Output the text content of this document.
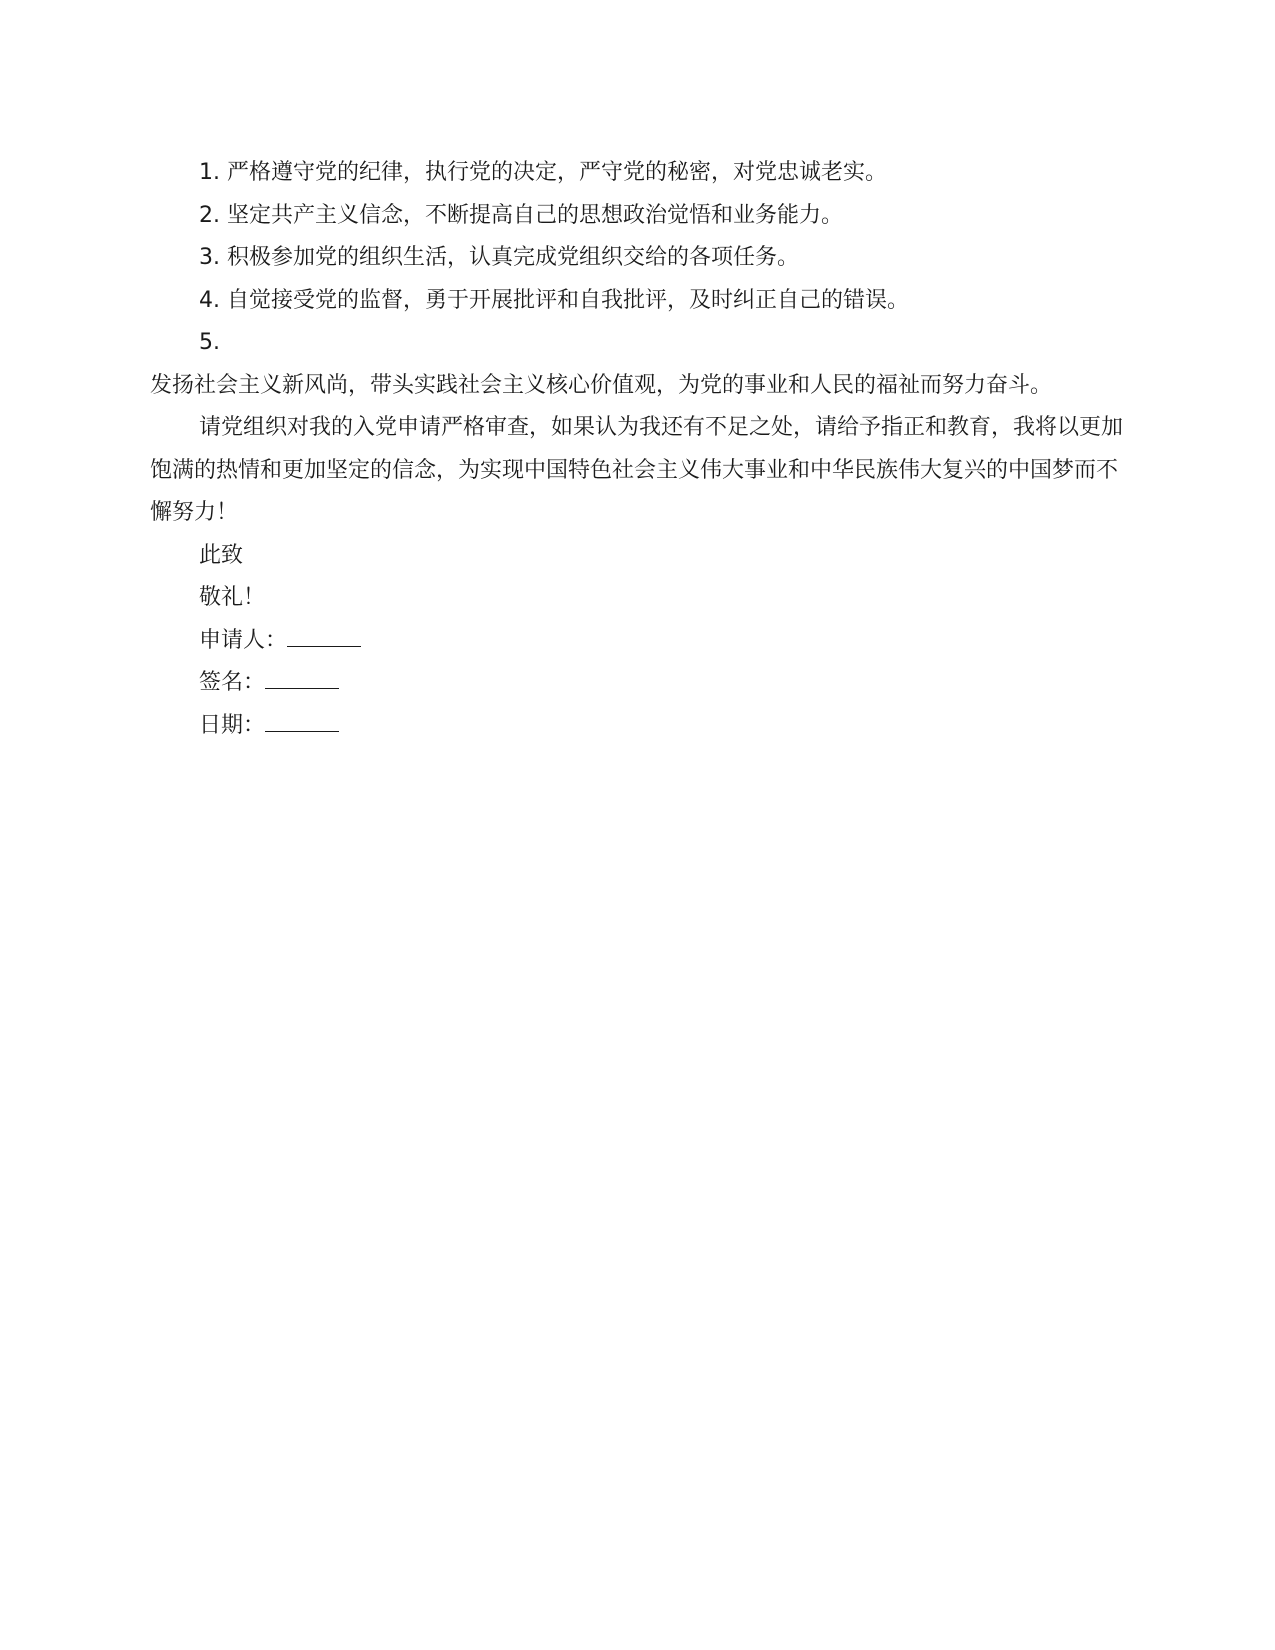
1. 严格遵守党的纪律，执行党的决定，严守党的秘密，对党忠诚老实。
2. 坚定共产主义信念，不断提高自己的思想政治觉悟和业务能力。
3. 积极参加党的组织生活，认真完成党组织交给的各项任务。
4. 自觉接受党的监督，勇于开展批评和自我批评，及时纠正自己的错误。
5.
发扬社会主义新风尚，带头实践社会主义核心价值观，为党的事业和人民的福祉而努力奋斗。
请党组织对我的入党申请严格审查，如果认为我还有不足之处，请给予指正和教育，我将以更加饱满的热情和更加坚定的信念，为实现中国特色社会主义伟大事业和中华民族伟大复兴的中国梦而不懈努力！
此致
敬礼！
申请人：
签名：
日期：
